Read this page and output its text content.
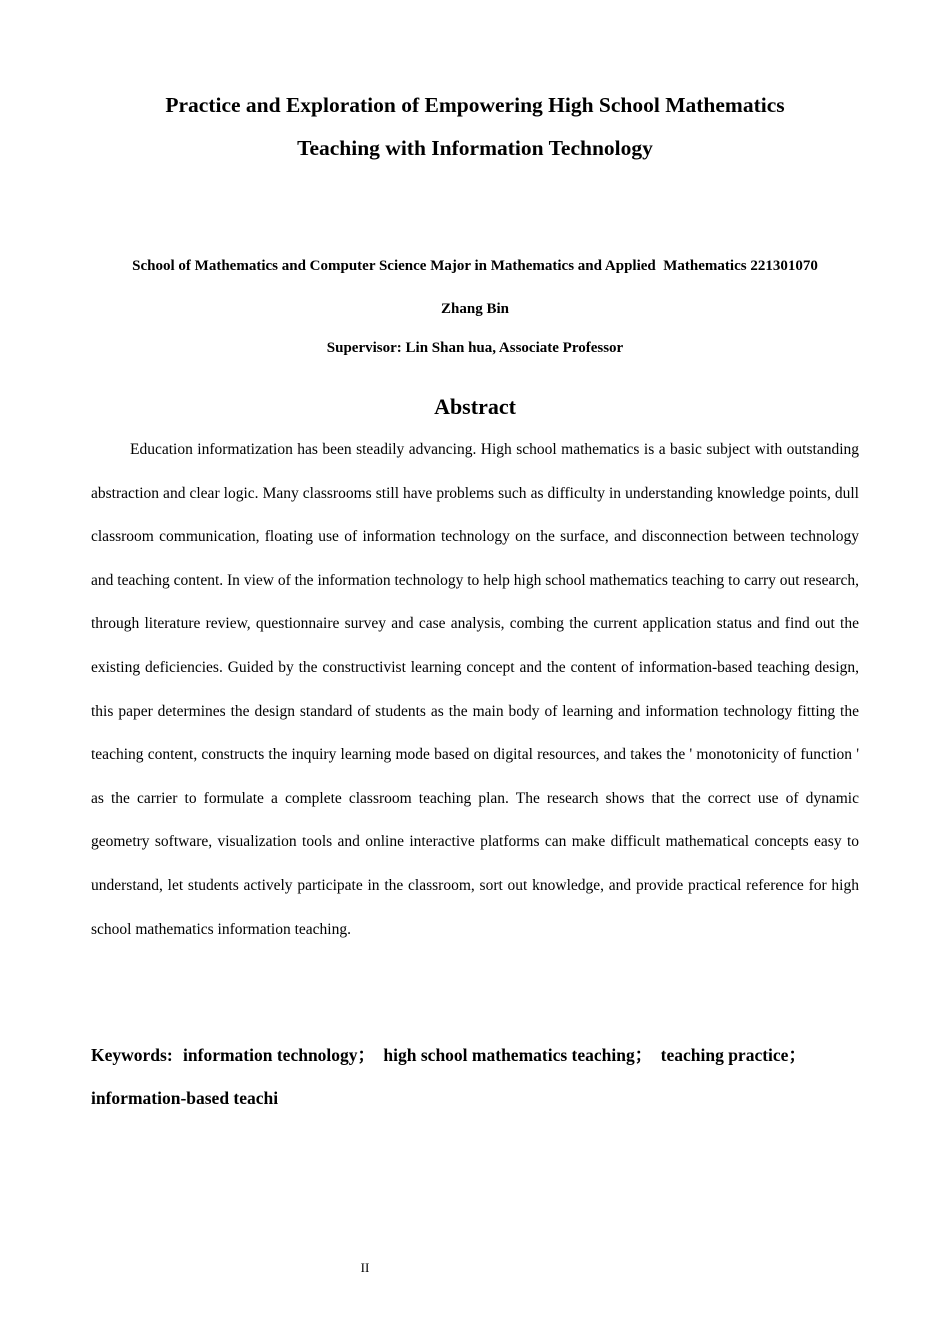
Practice and Exploration of Empowering High School Mathematics
Teaching with Information Technology
School of Mathematics and Computer Science Major in Mathematics and Applied  Mathematics 221301070
Zhang Bin
Supervisor: Lin Shan hua, Associate Professor
Abstract

Education informatization has been steadily advancing. High school mathematics is a basic subject with outstanding abstraction and clear logic. Many classrooms still have problems such as difficulty in understanding knowledge points, dull classroom communication, floating use of information technology on the surface, and disconnection between technology and teaching content. In view of the information technology to help high school mathematics teaching to carry out research, through literature review, questionnaire survey and case analysis, combing the current application status and find out the existing deficiencies. Guided by the constructivist learning concept and the content of information-based teaching design, this paper determines the design standard of students as the main body of learning and information technology fitting the teaching content, constructs the inquiry learning mode based on digital resources, and takes the ' monotonicity of function ' as the carrier to formulate a complete classroom teaching plan. The research shows that the correct use of dynamic geometry software, visualization tools and online interactive platforms can make difficult mathematical concepts easy to understand, let students actively participate in the classroom, sort out knowledge, and provide practical reference for high school mathematics information teaching.

Keywords: information technology； high school mathematics teaching； teaching practice； information-based teachi

II
